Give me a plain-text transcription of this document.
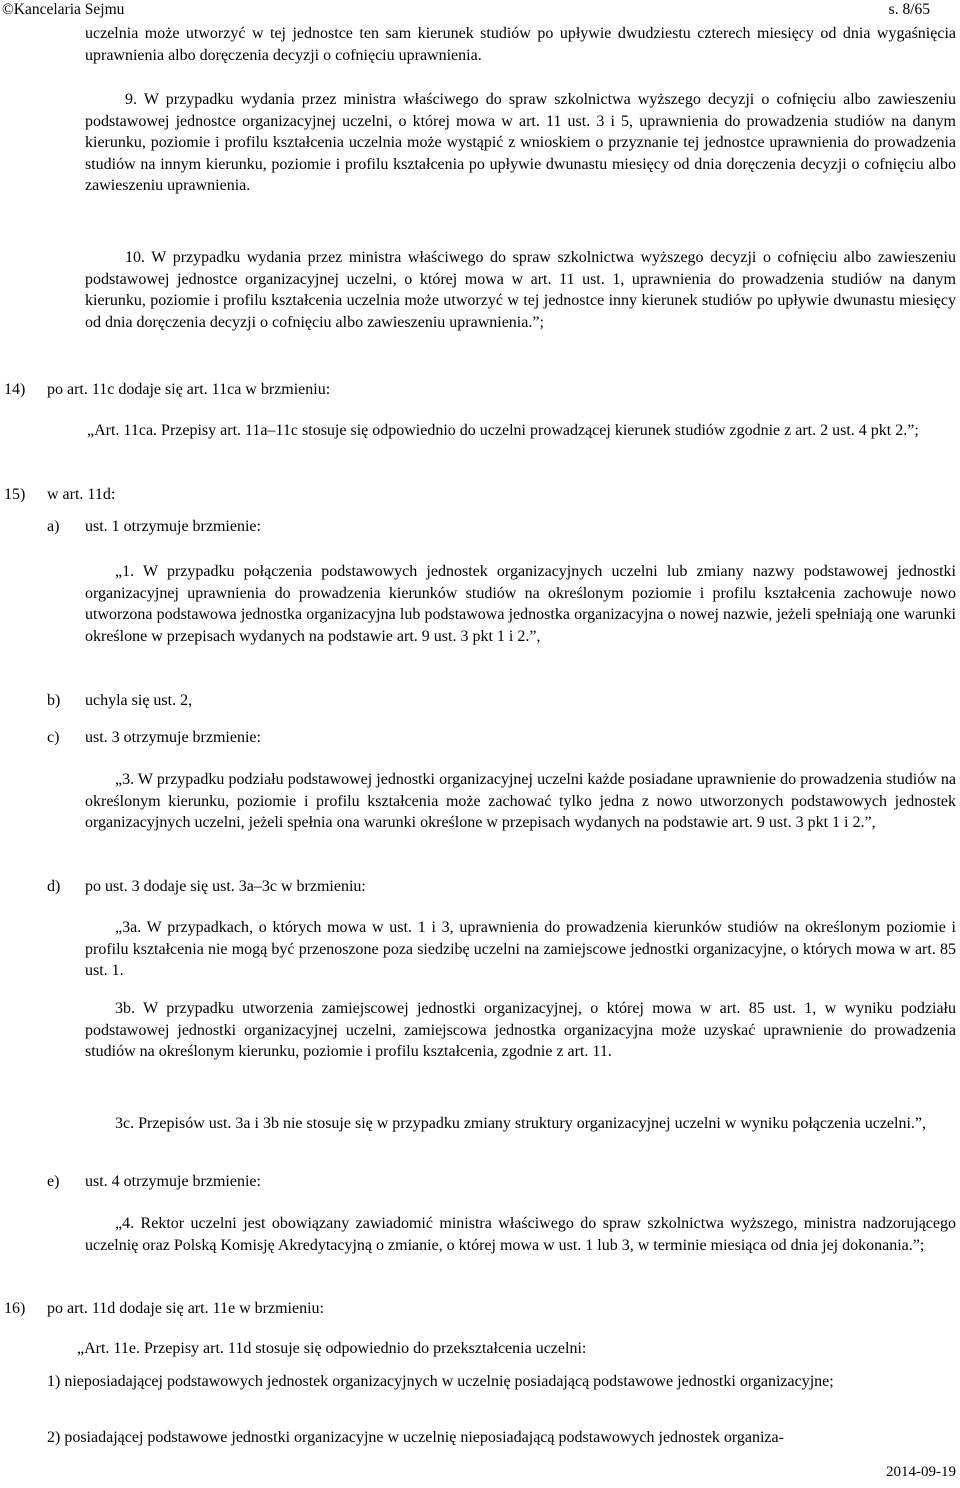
©Kancelaria Sejmu	s. 8/65

uczelnia może utworzyć w tej jednostce ten sam kierunek studiów po upływie dwudziestu czterech miesięcy od dnia wygaśnięcia uprawnienia albo doręczenia decyzji o cofnięciu uprawnienia.

9. W przypadku wydania przez ministra właściwego do spraw szkolnictwa wyższego decyzji o cofnięciu albo zawieszeniu podstawowej jednostce organizacyjnej uczelni, o której mowa w art. 11 ust. 3 i 5, uprawnienia do prowadzenia studiów na danym kierunku, poziomie i profilu kształcenia uczelnia może wystąpić z wnioskiem o przyznanie tej jednostce uprawnienia do prowadzenia studiów na innym kierunku, poziomie i profilu kształcenia po upływie dwunastu miesięcy od dnia doręczenia decyzji o cofnięciu albo zawieszeniu uprawnienia.

10. W przypadku wydania przez ministra właściwego do spraw szkolnictwa wyższego decyzji o cofnięciu albo zawieszeniu podstawowej jednostce organizacyjnej uczelni, o której mowa w art. 11 ust. 1, uprawnienia do prowadzenia studiów na danym kierunku, poziomie i profilu kształcenia uczelnia może utworzyć w tej jednostce inny kierunek studiów po upływie dwunastu miesięcy od dnia doręczenia decyzji o cofnięciu albo zawieszeniu uprawnienia.”;

14) po art. 11c dodaje się art. 11ca w brzmieniu:

„Art. 11ca. Przepisy art. 11a–11c stosuje się odpowiednio do uczelni prowadzącej kierunek studiów zgodnie z art. 2 ust. 4 pkt 2.”;

15) w art. 11d:
a) ust. 1 otrzymuje brzmienie:

„1. W przypadku połączenia podstawowych jednostek organizacyjnych uczelni lub zmiany nazwy podstawowej jednostki organizacyjnej uprawnienia do prowadzenia kierunków studiów na określonym poziomie i profilu kształcenia zachowuje nowo utworzona podstawowa jednostka organizacyjna lub podstawowa jednostka organizacyjna o nowej nazwie, jeżeli spełniają one warunki określone w przepisach wydanych na podstawie art. 9 ust. 3 pkt 1 i 2.”,

b) uchyla się ust. 2,
c) ust. 3 otrzymuje brzmienie:

„3. W przypadku podziału podstawowej jednostki organizacyjnej uczelni każde posiadane uprawnienie do prowadzenia studiów na określonym kierunku, poziomie i profilu kształcenia może zachować tylko jedna z nowo utworzonych podstawowych jednostek organizacyjnych uczelni, jeżeli spełnia ona warunki określone w przepisach wydanych na podstawie art. 9 ust. 3 pkt 1 i 2.”,

d) po ust. 3 dodaje się ust. 3a–3c w brzmieniu:

„3a. W przypadkach, o których mowa w ust. 1 i 3, uprawnienia do prowadzenia kierunków studiów na określonym poziomie i profilu kształcenia nie mogą być przenoszone poza siedzibę uczelni na zamiejscowe jednostki organizacyjne, o których mowa w art. 85 ust. 1.

3b. W przypadku utworzenia zamiejscowej jednostki organizacyjnej, o której mowa w art. 85 ust. 1, w wyniku podziału podstawowej jednostki organizacyjnej uczelni, zamiejscowa jednostka organizacyjna może uzyskać uprawnienie do prowadzenia studiów na określonym kierunku, poziomie i profilu kształcenia, zgodnie z art. 11.

3c. Przepisów ust. 3a i 3b nie stosuje się w przypadku zmiany struktury organizacyjnej uczelni w wyniku połączenia uczelni.”,

e) ust. 4 otrzymuje brzmienie:

„4. Rektor uczelni jest obowiązany zawiadomić ministra właściwego do spraw szkolnictwa wyższego, ministra nadzorującego uczelnię oraz Polską Komisję Akredytacyjną o zmianie, o której mowa w ust. 1 lub 3, w terminie miesiąca od dnia jej dokonania.”;

16) po art. 11d dodaje się art. 11e w brzmieniu:

„Art. 11e. Przepisy art. 11d stosuje się odpowiednio do przekształcenia uczelni:

1) nieposiadającej podstawowych jednostek organizacyjnych w uczelnię posiadającą podstawowe jednostki organizacyjne;

2) posiadającej podstawowe jednostki organizacyjne w uczelnię nieposiadającą podstawowych jednostek organiza-

2014-09-19
